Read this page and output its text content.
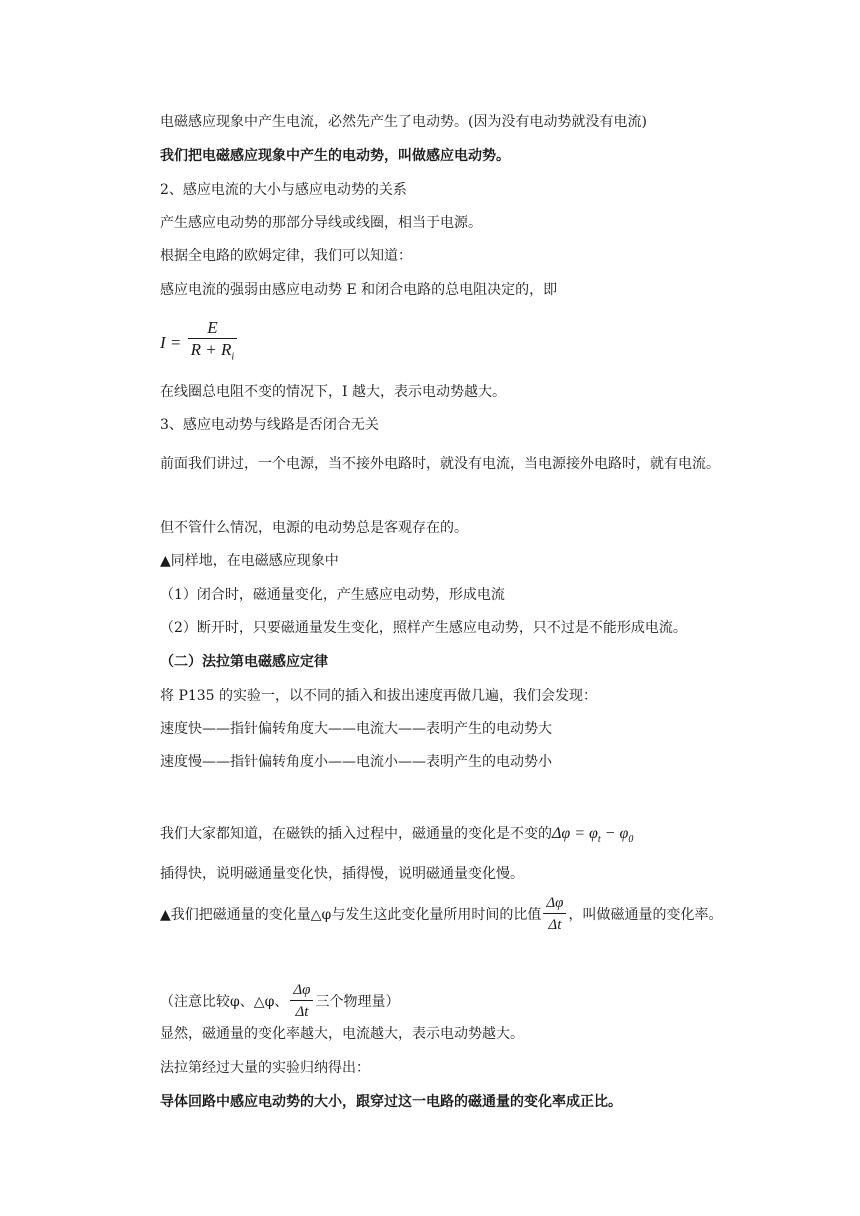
电磁感应现象中产生电流，必然先产生了电动势。(因为没有电动势就没有电流)
我们把电磁感应现象中产生的电动势，叫做感应电动势。
2、感应电流的大小与感应电动势的关系
产生感应电动势的那部分导线或线圈，相当于电源。
根据全电路的欧姆定律，我们可以知道：
感应电流的强弱由感应电动势 E 和闭合电路的总电阻决定的，即
$I = \frac{E}{R + R_i}$
在线圈总电阻不变的情况下，I 越大，表示电动势越大。
3、感应电动势与线路是否闭合无关
前面我们讲过，一个电源，当不接外电路时，就没有电流，当电源接外电路时，就有电流。
但不管什么情况，电源的电动势总是客观存在的。
▲同样地，在电磁感应现象中
（1）闭合时，磁通量变化，产生感应电动势，形成电流
（2）断开时，只要磁通量发生变化，照样产生感应电动势，只不过是不能形成电流。
（二）法拉第电磁感应定律
将 P135 的实验一，以不同的插入和拔出速度再做几遍，我们会发现：
速度快——指针偏转角度大——电流大——表明产生的电动势大
速度慢——指针偏转角度小——电流小——表明产生的电动势小
我们大家都知道，在磁铁的插入过程中，磁通量的变化是不变的$\Delta\varphi = \varphi_t - \varphi_0$
插得快，说明磁通量变化快，插得慢，说明磁通量变化慢。
▲我们把磁通量的变化量△φ与发生这此变化量所用时间的比值 $\frac{\Delta\varphi}{\Delta t}$ ，叫做磁通量的变化率。
（注意比较φ、△φ、 $\frac{\Delta\varphi}{\Delta t}$ 三个物理量）
显然，磁通量的变化率越大，电流越大，表示电动势越大。
法拉第经过大量的实验归纳得出：
导体回路中感应电动势的大小，跟穿过这一电路的磁通量的变化率成正比。
